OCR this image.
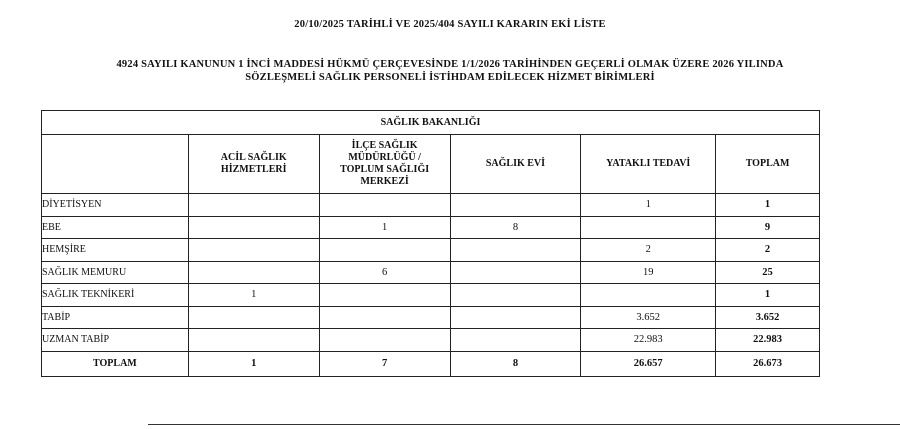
20/10/2025 TARİHLİ VE 2025/404 SAYILI KARARIN EKİ LİSTE
4924 SAYILI KANUNUN 1 İNCİ MADDESİ HÜKMÜ ÇERÇEVESİNDE 1/1/2026 TARİHİNDEN GEÇERLİ OLMAK ÜZERE 2026 YILINDA
SÖZLEŞMELİ SAĞLIK PERSONELİ İSTİHDAM EDİLECEK HİZMET BİRİMLERİ
SAĞLIK BAKANLIĞI					

	ACİL SAĞLIK HİZMETLERİ	İLÇE SAĞLIK MÜDÜRLÜĞÜ / TOPLUM SAĞLIĞI MERKEZİ	SAĞLIK EVİ	YATAKLI TEDAVİ	TOPLAM
DİYETİSYEN				1	1
EBE		1	8		9
HEMŞİRE				2	2
SAĞLIK MEMURU		6		19	25
SAĞLIK TEKNİKERİ	1				1
TABİP				3.652	3.652
UZMAN TABİP				22.983	22.983
TOPLAM	1	7	8	26.657	26.673
